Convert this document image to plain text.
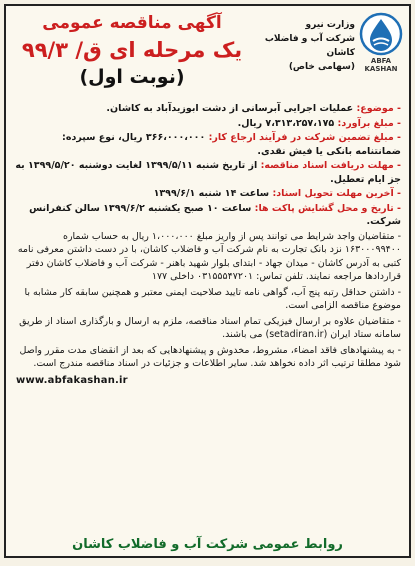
ABFA KASHAN
وزارت نیرو
شرکت آب و فاضلاب کاشان
(سهامی خاص)
آگهی مناقصه عمومی
یک مرحله ای ق/ ۹۹/۳
(نوبت اول)
- موضوع: عملیات اجرایی آبرسانی از دشت ابوزیدآباد به کاشان.
- مبلغ برآورد: ۷،۳۱۳،۲۵۷،۱۷۵ ریال.
- مبلغ تضمین شرکت در فرآیند ارجاع کار: ۳۶۶،۰۰۰،۰۰۰ ریال، نوع سپرده: ضمانتنامه بانکی یا فیش نقدی.
- مهلت دریافت اسناد مناقصه: از تاریخ شنبه ۱۳۹۹/۵/۱۱ لغایت دوشنبه ۱۳۹۹/۵/۲۰ به جز ایام تعطیل.
- آخرین مهلت تحویل اسناد: ساعت ۱۴ شنبه ۱۳۹۹/۶/۱
- تاریخ و محل گشایش پاکت ها: ساعت ۱۰ صبح یکشنبه ۱۳۹۹/۶/۲ سالن کنفرانس شرکت.
- متقاضیان واجد شرایط می توانند پس از واریز مبلغ ۱،۰۰۰،۰۰۰ ریال به حساب شماره ۱۶۳۰۰۰۹۹۴۰۰ نزد بانک تجارت به نام شرکت آب و فاضلاب کاشان، با در دست داشتن معرفی نامه کتبی به آدرس کاشان - میدان جهاد - ابتدای بلوار شهید باهنر - شرکت آب و فاضلاب کاشان دفتر قراردادها مراجعه نمایند. تلفن تماس: ۰۳۱۵۵۵۴۷۲۰۱ داخلی ۱۷۷
- داشتن حداقل رتبه پنج آب، گواهی نامه تایید صلاحیت ایمنی معتبر و همچنین سابقه کار مشابه با موضوع مناقصه الزامی است.
- متقاضیان علاوه بر ارسال فیزیکی تمام اسناد مناقصه، ملزم به ارسال و بارگذاری اسناد از طریق سامانه ستاد ایران (setadiran.ir) می باشند.
- به پیشنهادهای فاقد امضاء، مشروط، مخدوش و پیشنهادهایی که بعد از انقضای مدت مقرر واصل شود مطلقا ترتیب اثر داده نخواهد شد. سایر اطلاعات و جزئیات در اسناد مناقصه مندرج است.
www.abfakashan.ir
روابط عمومی شرکت آب و فاضلاب کاشان
